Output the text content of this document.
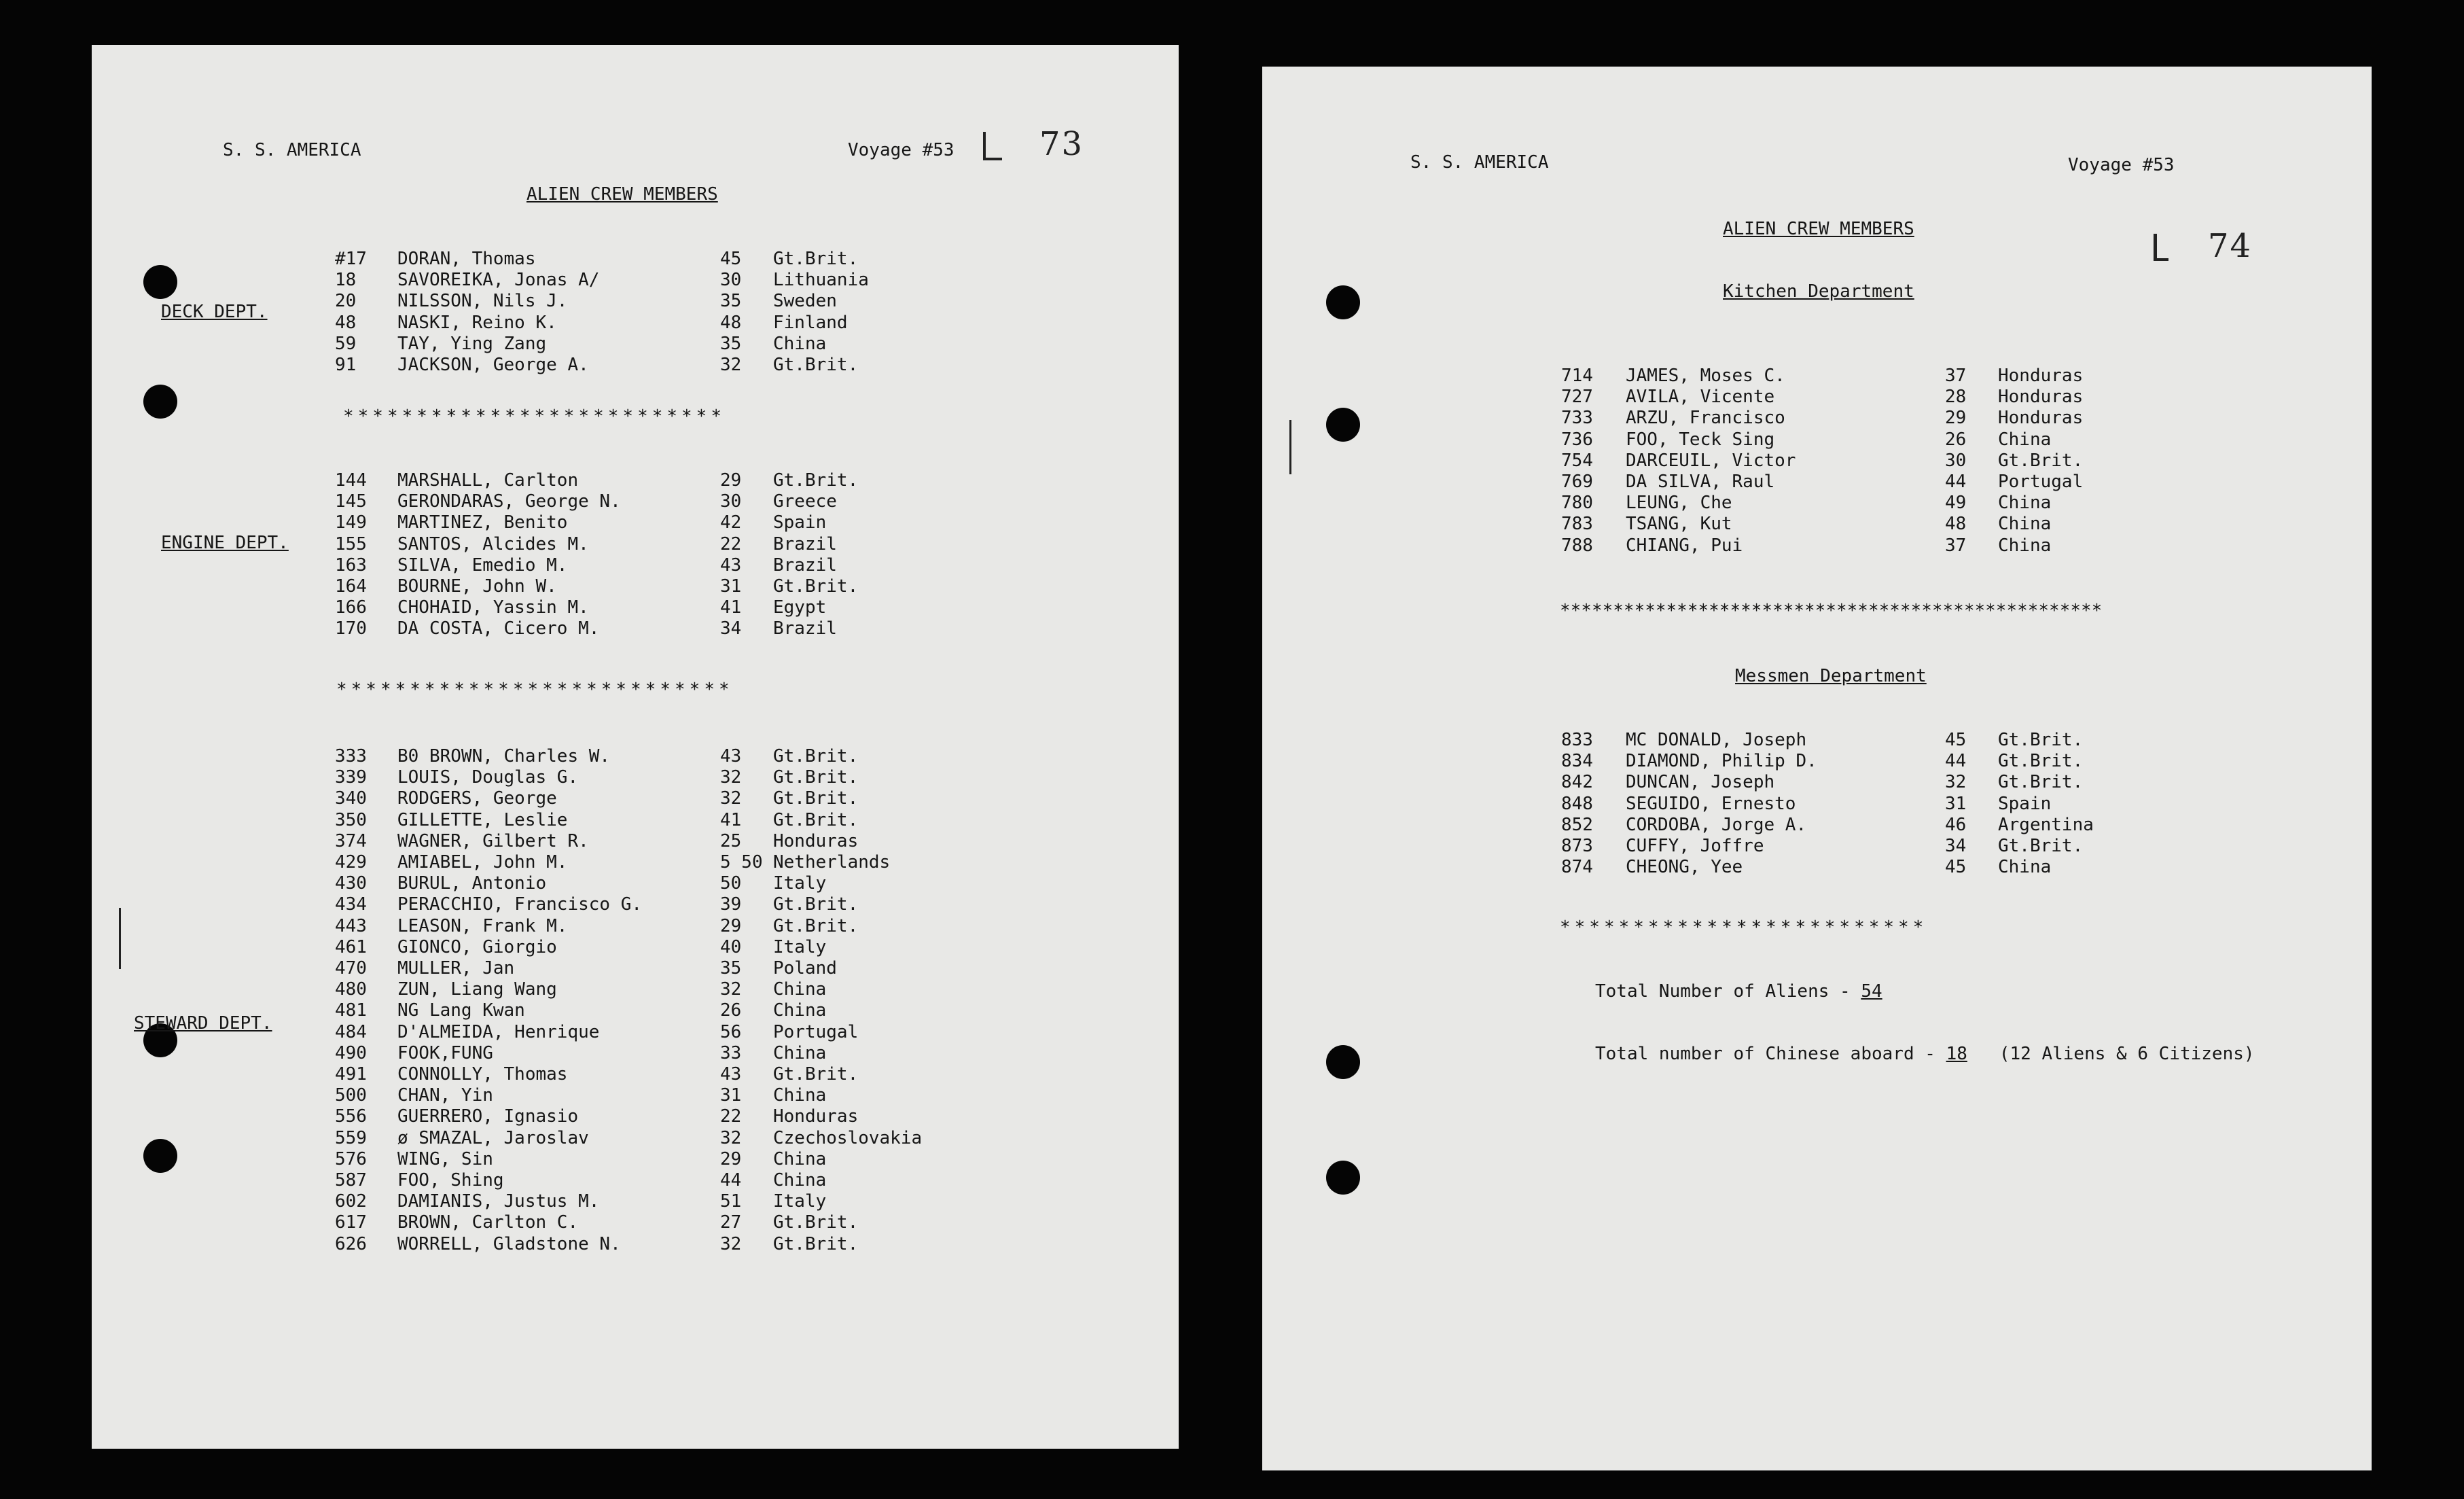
S. S. AMERICA	Voyage #53	73
ALIEN CREW MEMBERS
DECK DEPT.
#17 DORAN, Thomas	45 Gt.Brit.
18 SAVOREIKA, Jonas A/	30 Lithuania
20 NILSSON, Nils J.	35 Sweden
48 NASKI, Reino K.	48 Finland
59 TAY, Ying Zang	35 China
91 JACKSON, George A.	32 Gt.Brit.
**************************
ENGINE DEPT.
144 MARSHALL, Carlton	29 Gt.Brit.
145 GERONDARAS, George N.	30 Greece
149 MARTINEZ, Benito	42 Spain
155 SANTOS, Alcides M.	22 Brazil
163 SILVA, Emedio M.	43 Brazil
164 BOURNE, John W.	31 Gt.Brit.
166 CHOHAID, Yassin M.	41 Egypt
170 DA COSTA, Cicero M.	34 Brazil
***************************
STEWARD DEPT.
333 B0 BROWN, Charles W.	43 Gt.Brit.
339 LOUIS, Douglas G.	32 Gt.Brit.
340 RODGERS, George	32 Gt.Brit.
350 GILLETTE, Leslie	41 Gt.Brit.
374 WAGNER, Gilbert R.	25 Honduras
429 AMIABEL, John M.	5 50 Netherlands
430 BURUL, Antonio	50 Italy
434 PERACCHIO, Francisco G.	39 Gt.Brit.
443 LEASON, Frank M.	29 Gt.Brit.
461 GIONCO, Giorgio	40 Italy
470 MULLER, Jan	35 Poland
480 ZUN, Liang Wang	32 China
481 NG Lang Kwan	26 China
484 D'ALMEIDA, Henrique	56 Portugal
490 FOOK,FUNG	33 China
491 CONNOLLY, Thomas	43 Gt.Brit.
500 CHAN, Yin	31 China
556 GUERRERO, Ignasio	22 Honduras
559 ø SMAZAL, Jaroslav	32 Czechoslovakia
576 WING, Sin	29 China
587 FOO, Shing	44 China
602 DAMIANIS, Justus M.	51 Italy
617 BROWN, Carlton C.	27 Gt.Brit.
626 WORRELL, Gladstone N.	32 Gt.Brit.
S. S. AMERICA	Voyage #53
ALIEN CREW MEMBERS	74
Kitchen Department
714 JAMES, Moses C.	37 Honduras
727 AVILA, Vicente	28 Honduras
733 ARZU, Francisco	29 Honduras
736 FOO, Teck Sing	26 China
754 DARCEUIL, Victor	30 Gt.Brit.
769 DA SILVA, Raul	44 Portugal
780 LEUNG, Che	49 China
783 TSANG, Kut	48 China
788 CHIANG, Pui	37 China
***************************************************
Messmen Department
833 MC DONALD, Joseph	45 Gt.Brit.
834 DIAMOND, Philip D.	44 Gt.Brit.
842 DUNCAN, Joseph	32 Gt.Brit.
848 SEGUIDO, Ernesto	31 Spain
852 CORDOBA, Jorge A.	46 Argentina
873 CUFFY, Joffre	34 Gt.Brit.
874 CHEONG, Yee	45 China
*************************
Total Number of Aliens - 54
Total number of Chinese aboard - 18 (12 Aliens & 6 Citizens)
